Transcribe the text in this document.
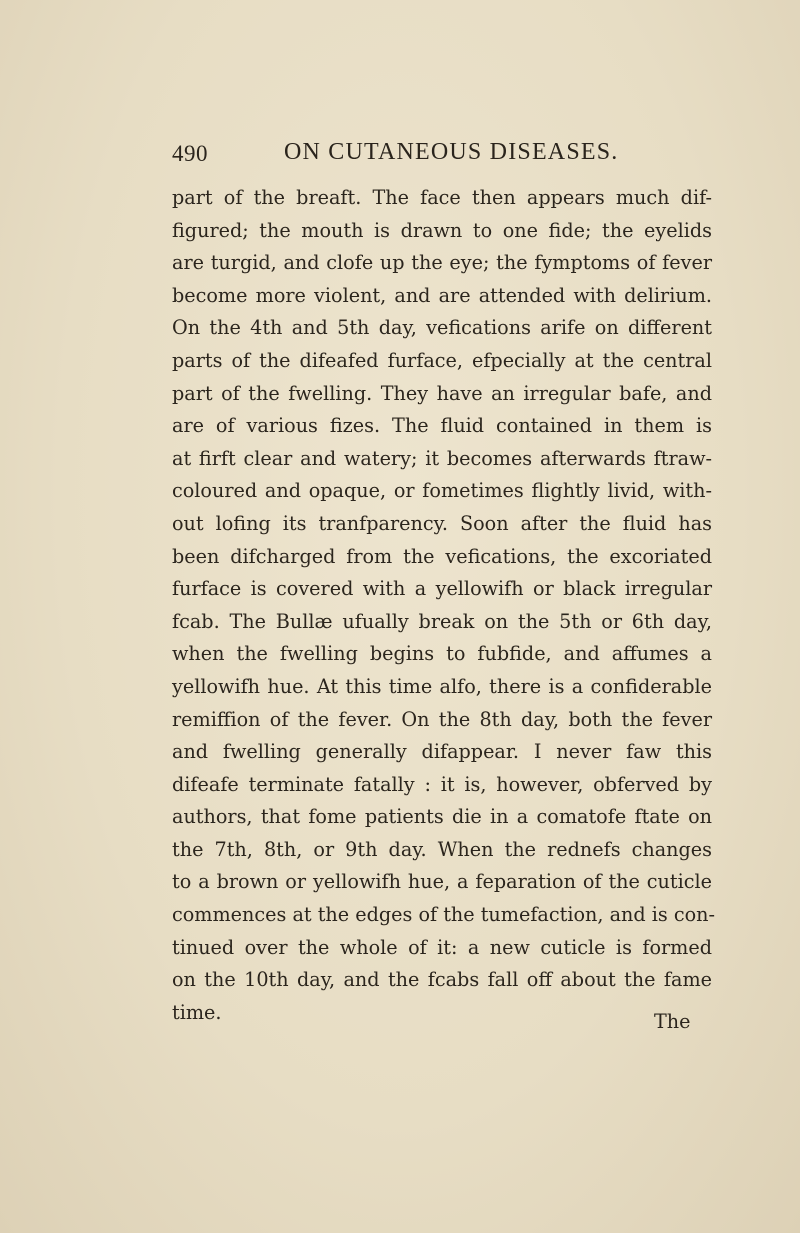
490	ON CUTANEOUS DISEASES.
part of the breaft. The face then appears much dif-
figured; the mouth is drawn to one fide; the eyelids
are turgid, and clofe up the eye; the fymptoms of fever
become more violent, and are attended with delirium.
On the 4th and 5th day, vefications arife on different
parts of the difeafed furface, efpecially at the central
part of the fwelling. They have an irregular bafe, and
are of various fizes. The fluid contained in them is
at firft clear and watery; it becomes afterwards ftraw-
coloured and opaque, or fometimes flightly livid, with-
out lofing its tranfparency. Soon after the fluid has
been difcharged from the vefications, the excoriated
furface is covered with a yellowifh or black irregular
fcab. The Bullæ ufually break on the 5th or 6th day,
when the fwelling begins to fubfide, and affumes a
yellowifh hue. At this time alfo, there is a confiderable
remiffion of the fever. On the 8th day, both the fever
and fwelling generally difappear. I never faw this
difeafe terminate fatally : it is, however, obferved by
authors, that fome patients die in a comatofe ftate on
the 7th, 8th, or 9th day. When the rednefs changes
to a brown or yellowifh hue, a feparation of the cuticle
commences at the edges of the tumefaction, and is con-
tinued over the whole of it: a new cuticle is formed
on the 10th day, and the fcabs fall off about the fame
time.	The
